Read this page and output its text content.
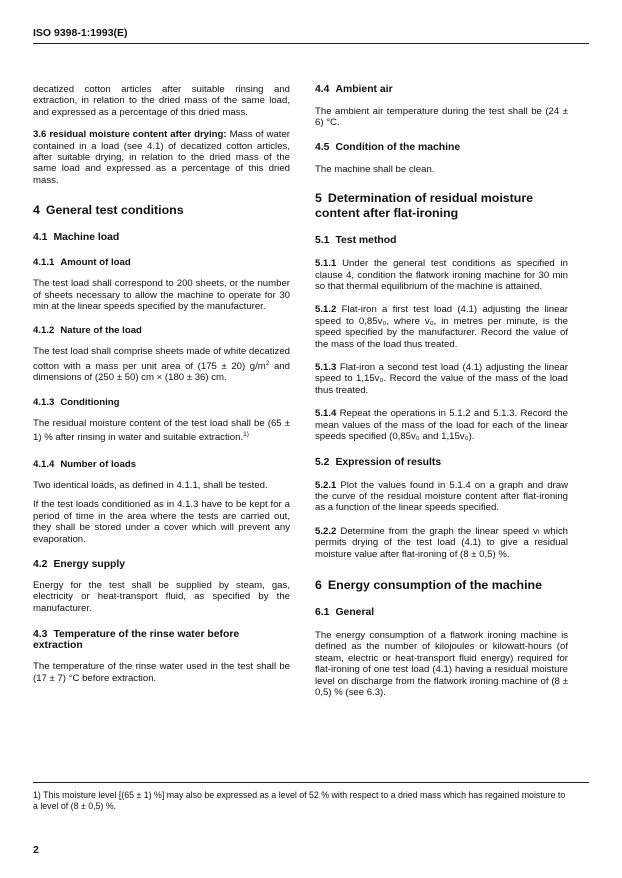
ISO 9398-1:1993(E)

decatized cotton articles after suitable rinsing and extraction, in relation to the dried mass of the same load, and expressed as a percentage of this dried mass.

3.6 residual moisture content after drying: Mass of water contained in a load (see 4.1) of decatized cotton articles, after suitable drying, in relation to the dried mass of the same load and expressed as a percentage of this dried mass.

4 General test conditions
4.1 Machine load
4.1.1 Amount of load

The test load shall correspond to 200 sheets, or the number of sheets necessary to allow the machine to operate for 30 min at the linear speeds specified by the manufacturer.

4.1.2 Nature of the load

The test load shall comprise sheets made of white decatized cotton with a mass per unit area of (175 ± 20) $g/m^2$ and dimensions of (250 ± 50) cm × (180 ± 36) cm.

4.1.3 Conditioning

The residual moisture content of the test load shall be (65 ± 1) % after rinsing in water and suitable extraction.$^{1)}$

4.1.4 Number of loads

Two identical loads, as defined in 4.1.1, shall be tested.

If the test loads conditioned as in 4.1.3 have to be kept for a period of time in the area where the tests are carried out, they shall be stored under a cover which will prevent any evaporation.

4.2 Energy supply

Energy for the test shall be supplied by steam, gas, electricity or heat-transport fluid, as specified by the manufacturer.

4.3 Temperature of the rinse water before extraction

The temperature of the rinse water used in the test shall be (17 ± 7) °C before extraction.

4.4 Ambient air

The ambient air temperature during the test shall be (24 ± 6) °C.

4.5 Condition of the machine

The machine shall be clean.

5 Determination of residual moisture content after flat-ironing
5.1 Test method

5.1.1 Under the general test conditions as specified in clause 4, condition the flatwork ironing machine for 30 min so that thermal equilibrium of the machine is attained.

5.1.2 Flat-iron a first test load (4.1) adjusting the linear speed to 0,85v₀, where v₀, in metres per minute, is the speed specified by the manufacturer. Record the value of the mass of the load thus treated.

5.1.3 Flat-iron a second test load (4.1) adjusting the linear speed to 1,15v₀. Record the value of the mass of the load thus treated.

5.1.4 Repeat the operations in 5.1.2 and 5.1.3. Record the mean values of the mass of the load for each of the linear speeds specified (0,85v₀ and 1,15v₀).

5.2 Expression of results

5.2.1 Plot the values found in 5.1.4 on a graph and draw the curve of the residual moisture content after flat-ironing as a function of the linear speeds specified.

5.2.2 Determine from the graph the linear speed vₗ which permits drying of the test load (4.1) to give a residual moisture value after flat-ironing of (8 ± 0,5) %.

6 Energy consumption of the machine
6.1 General

The energy consumption of a flatwork ironing machine is defined as the number of kilojoules or kilowatt-hours (of steam, electric or heat-transport fluid energy) required for flat-ironing of one test load (4.1) having a residual moisture level on discharge from the flatwork ironing machine of (8 ± 0,5) % (see 6.3).

1) This moisture level [(65 ± 1) %] may also be expressed as a level of 52 % with respect to a dried mass which has regained moisture to a level of (8 ± 0,5) %.

2
